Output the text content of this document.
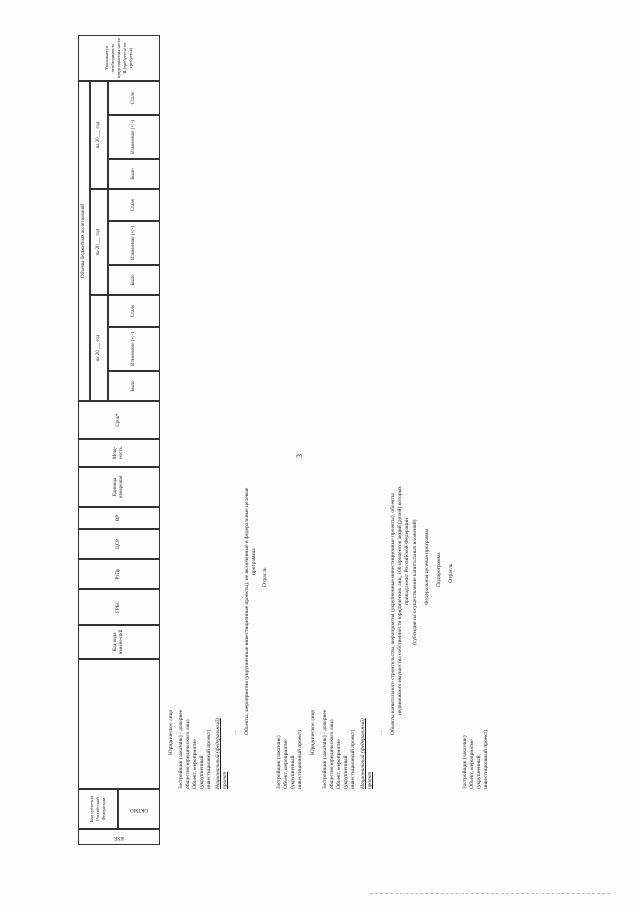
3
КУЕ
Код субъе-кта Россий-ской Федера-ции	ОКТМО
Код вида измене-ний
ГРБС
РзПр
ЦСР
ВР
Единица измерения
Мощ-ность
Срок*
Объемы бюджетных ассигнований
на 20___ год
на 20___ год
на 20___ год
Было
Изменение (+;-)
Стало
Было
Изменение (+;-)
Стало
Было
Изменение (+;-)
Стало
Указывается необходимость представления части II (требуется/ не требуется)
Юридическое лицо Застройщик (заказчик) - дочернее общество юридического лица Объект, мероприятие (укрупненный инвестиционный проект) Национальный (федеральный) проект
... Объекты, мероприятия (укрупненные инвестиционные проекты), не включенные в федеральные целевые программы
Отрасль
Застройщик (заказчик) Объект, мероприятие (укрупненный инвестиционный проект) Юридическое лицо Застройщик (заказчик) - дочернее общество юридического лица Объект, мероприятие (укрупненный инвестиционный проект) Национальный (федеральный) проект
... Объекты капитального строительства, мероприятия (укрупненные инвестиционные проекты), объекты недвижимого имущества собственности юридических лиц, 100 процентов акций (долей) которых принадлежит Российской Федерации (субсидии на осуществление капитальных вложений) Федеральная целевая программа Подпрограмма Отрасль
Застройщик (заказчик) Объект, мероприятие (укрупненный инвестиционный проект)
